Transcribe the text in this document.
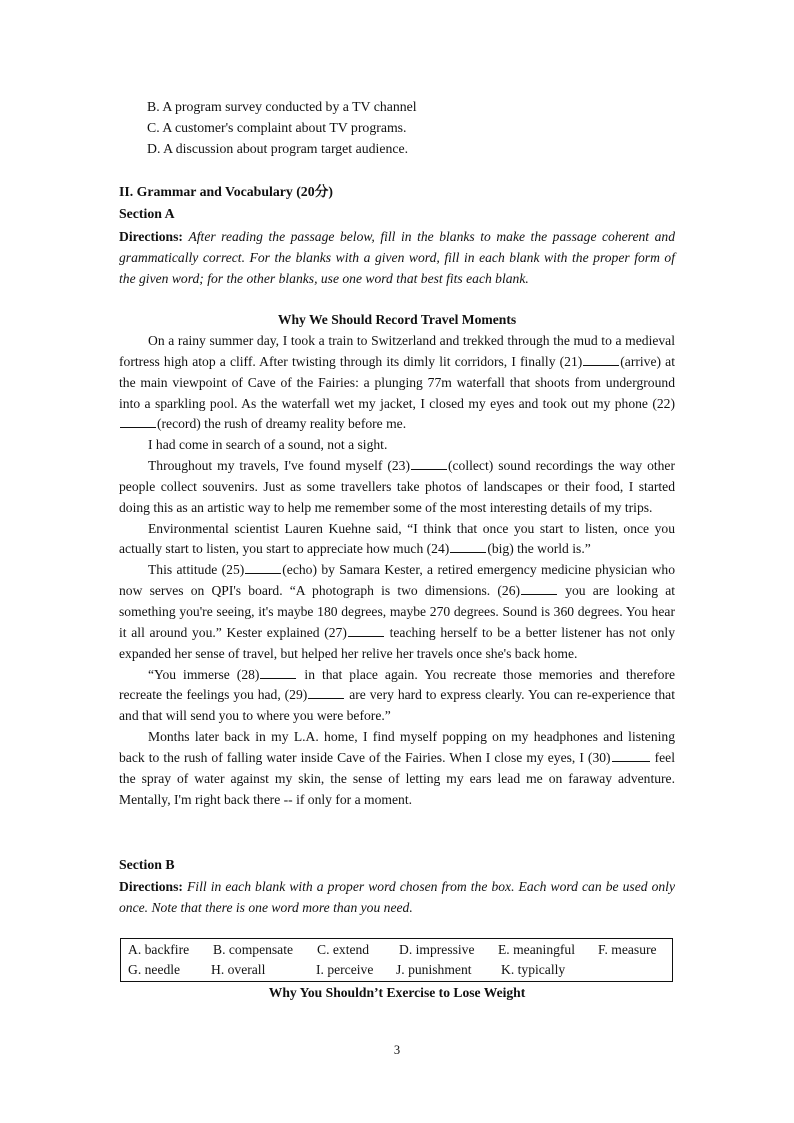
B. A program survey conducted by a TV channel
C. A customer's complaint about TV programs.
D. A discussion about program target audience.
II. Grammar and Vocabulary (20分)
Section A
Directions: After reading the passage below, fill in the blanks to make the passage coherent and grammatically correct. For the blanks with a given word, fill in each blank with the proper form of the given word; for the other blanks, use one word that best fits each blank.
Why We Should Record Travel Moments

On a rainy summer day, I took a train to Switzerland and trekked through the mud to a medieval fortress high atop a cliff. After twisting through its dimly lit corridors, I finally (21)	(arrive) at the main viewpoint of Cave of the Fairies: a plunging 77m waterfall that shoots from underground into a sparkling pool. As the waterfall wet my jacket, I closed my eyes and took out my phone (22)(record) the rush of dreamy reality before me.

I had come in search of a sound, not a sight.

Throughout my travels, I've found myself (23)	(collect) sound recordings the way other people collect souvenirs. Just as some travellers take photos of landscapes or their food, I started doing this as an artistic way to help me remember some of the most interesting details of my trips.

Environmental scientist Lauren Kuehne said, “I think that once you start to listen, once you actually start to listen, you start to appreciate how much (24)	(big) the world is.”

This attitude (25)	(echo) by Samara Kester, a retired emergency medicine physician who now serves on QPI's board. “A photograph is two dimensions. (26)	you are looking at something you're seeing, it's maybe 180 degrees, maybe 270 degrees. Sound is 360 degrees. You hear it all around you.” Kester explained (27)	teaching herself to be a better listener has not only expanded her sense of travel, but helped her relive her travels once she's back home.

“You immerse (28)	in that place again. You recreate those memories and therefore recreate the feelings you had, (29)	are very hard to express clearly. You can re-experience that and that will send you to where you were before.”

Months later back in my L.A. home, I find myself popping on my headphones and listening back to the rush of falling water inside Cave of the Fairies. When I close my eyes, I (30)	feel the spray of water against my skin, the sense of letting my ears lead me on faraway adventure. Mentally, I'm right back there -- if only for a moment.

Section B
Directions: Fill in each blank with a proper word chosen from the box. Each word can be used only once. Note that there is one word more than you need.
A. backfire B. compensate C. extend D. impressive E. meaningful F. measure
G. needle H. overall	I. perceive J. punishment K. typically
Why You Shouldn’t Exercise to Lose Weight
3
